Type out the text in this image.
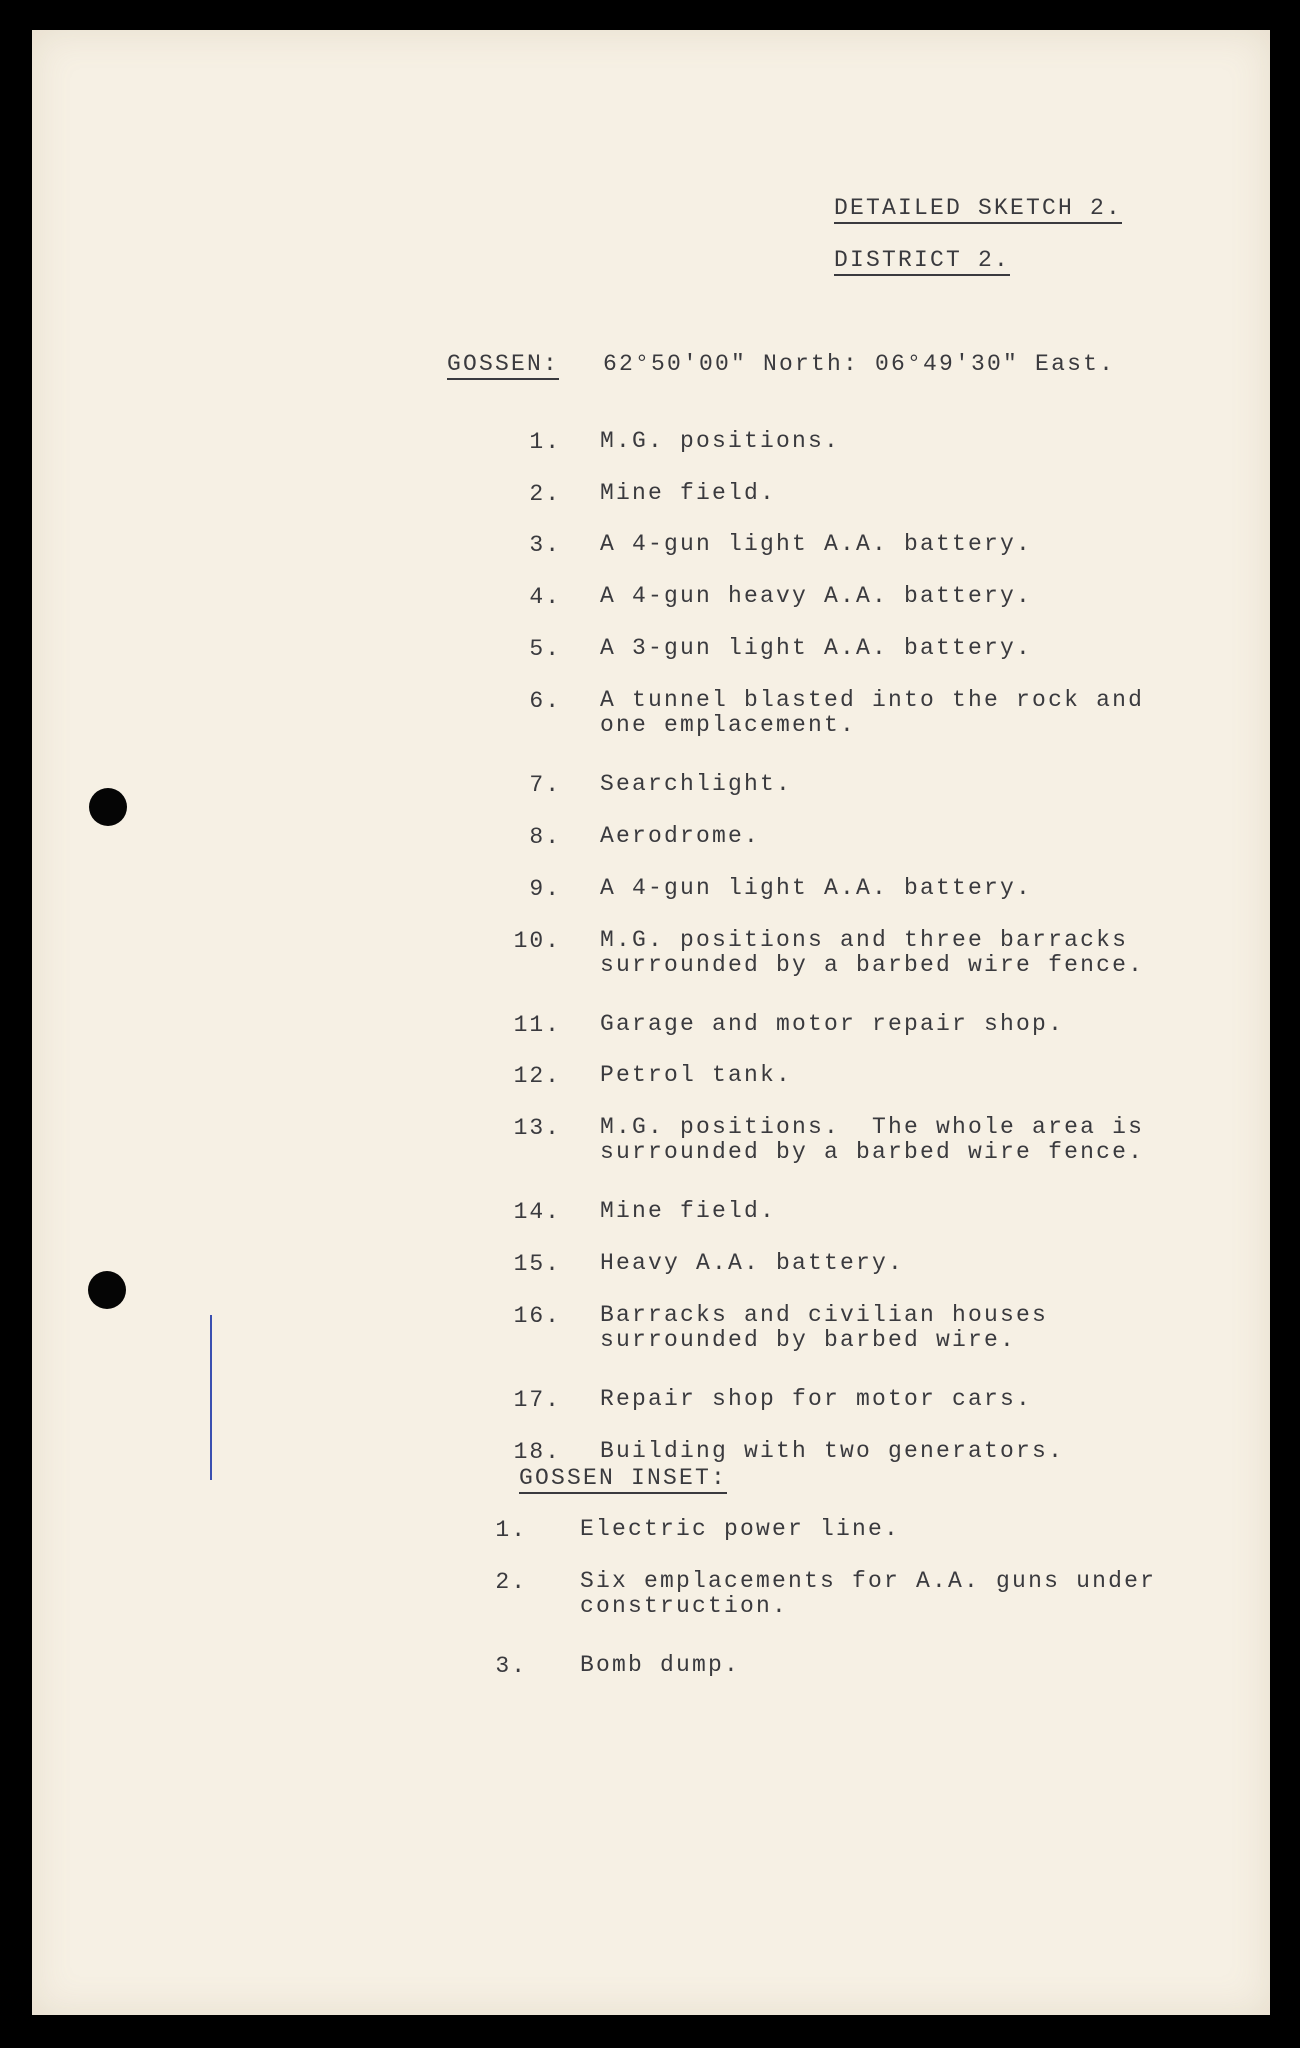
DETAILED SKETCH 2.
DISTRICT 2.
GOSSEN: 62°50'00" North: 06°49'30" East.
1. M.G. positions.
2. Mine field.
3. A 4-gun light A.A. battery.
4. A 4-gun heavy A.A. battery.
5. A 3-gun light A.A. battery.
6. A tunnel blasted into the rock and one emplacement.
7. Searchlight.
8. Aerodrome.
9. A 4-gun light A.A. battery.
10. M.G. positions and three barracks surrounded by a barbed wire fence.
11. Garage and motor repair shop.
12. Petrol tank.
13. M.G. positions.  The whole area is surrounded by a barbed wire fence.
14. Mine field.
15. Heavy A.A. battery.
16. Barracks and civilian houses surrounded by barbed wire.
17. Repair shop for motor cars.
18. Building with two generators.
GOSSEN INSET:
1. Electric power line.
2. Six emplacements for A.A. guns under construction.
3. Bomb dump.
